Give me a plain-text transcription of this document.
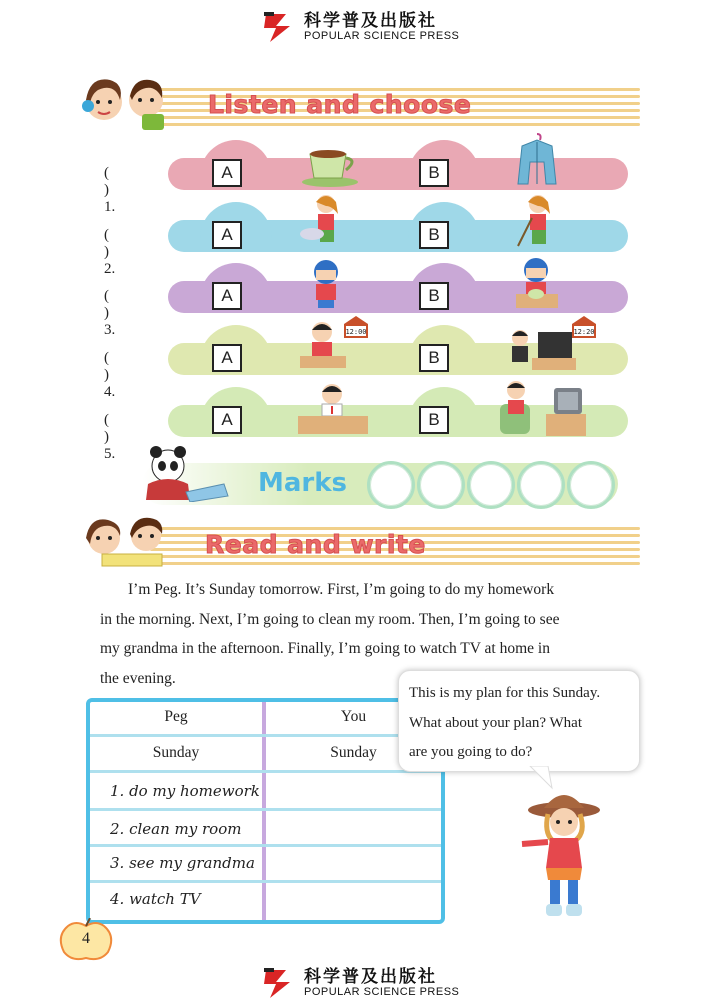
科学普及出版社
POPULAR SCIENCE PRESS
Listen and choose
( ) 1.
A	B
( ) 2.
A	B
( ) 3.
A	B
( ) 4.
A	B
12:00	12:20
( ) 5.
A	B
Marks
Read and write
I’m Peg. It’s Sunday tomorrow. First, I’m going to do my homework
in the morning. Next, I’m going to clean my room. Then, I’m going to see
my grandma in the afternoon. Finally, I’m going to watch TV at home in
the evening.
Peg	You
Sunday	Sunday
1. do my homework
2. clean my room
3. see my grandma
4. watch TV

This is my plan for this Sunday.
What about your plan? What
are you going to do?

4
科学普及出版社
POPULAR SCIENCE PRESS
